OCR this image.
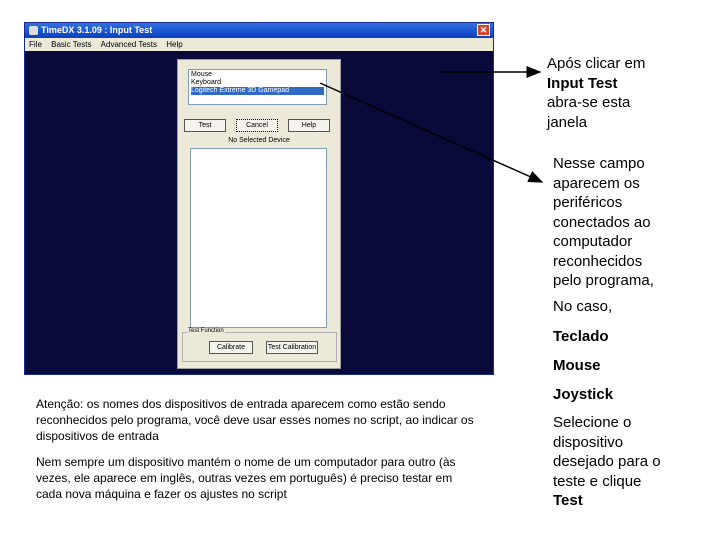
TimeDX 3.1.09 : Input Test	✕
File Basic Tests Advanced Tests Help
Mouse
Keyboard
Logitech Extreme 3D Gamepad
Test	Cancel	Help
No Selected Device
Test Function
Calibrate	Test Calibration
Após clicar em
Input Test
abra-se esta
janela
Nesse campo
aparecem os
periféricos
conectados ao
computador
reconhecidos
pelo programa,
No caso,
Teclado
Mouse
Joystick
Selecione o
dispositivo
desejado para o
teste e clique
Test
Atenção: os nomes dos dispositivos de entrada aparecem como estão sendo reconhecidos pelo programa, você deve usar esses nomes no script, ao indicar os dispositivos de entrada
Nem sempre um dispositivo mantém o nome de um computador para outro (às vezes, ele aparece em inglês, outras vezes em português) é preciso testar em cada nova máquina e fazer os ajustes no script
